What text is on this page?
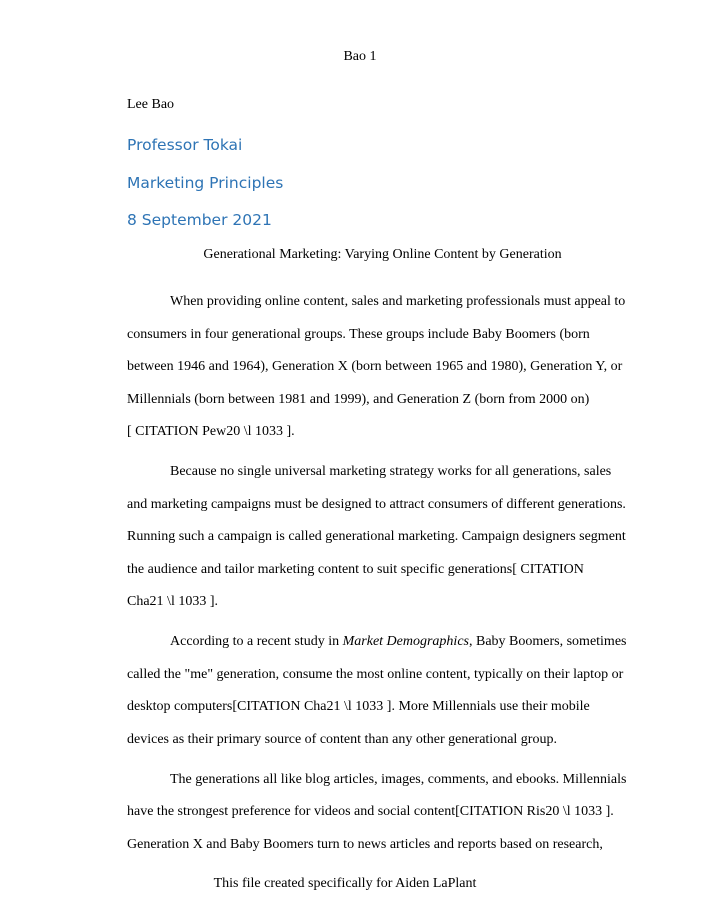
Bao 1
Lee Bao
Professor Tokai
Marketing Principles
8 September 2021
Generational Marketing: Varying Online Content by Generation
When providing online content, sales and marketing professionals must appeal to
consumers in four generational groups. These groups include Baby Boomers (born
between 1946 and 1964), Generation X (born between 1965 and 1980), Generation Y, or
Millennials (born between 1981 and 1999), and Generation Z (born from 2000 on)
[ CITATION Pew20 \l 1033 ].
Because no single universal marketing strategy works for all generations, sales
and marketing campaigns must be designed to attract consumers of different generations.
Running such a campaign is called generational marketing. Campaign designers segment
the audience and tailor marketing content to suit specific generations[ CITATION
Cha21 \l 1033 ].
According to a recent study in Market Demographics, Baby Boomers, sometimes
called the "me" generation, consume the most online content, typically on their laptop or
desktop computers[CITATION Cha21 \l 1033 ]. More Millennials use their mobile
devices as their primary source of content than any other generational group.
The generations all like blog articles, images, comments, and ebooks. Millennials
have the strongest preference for videos and social content[CITATION Ris20 \l 1033 ].
Generation X and Baby Boomers turn to news articles and reports based on research,
This file created specifically for Aiden LaPlant
